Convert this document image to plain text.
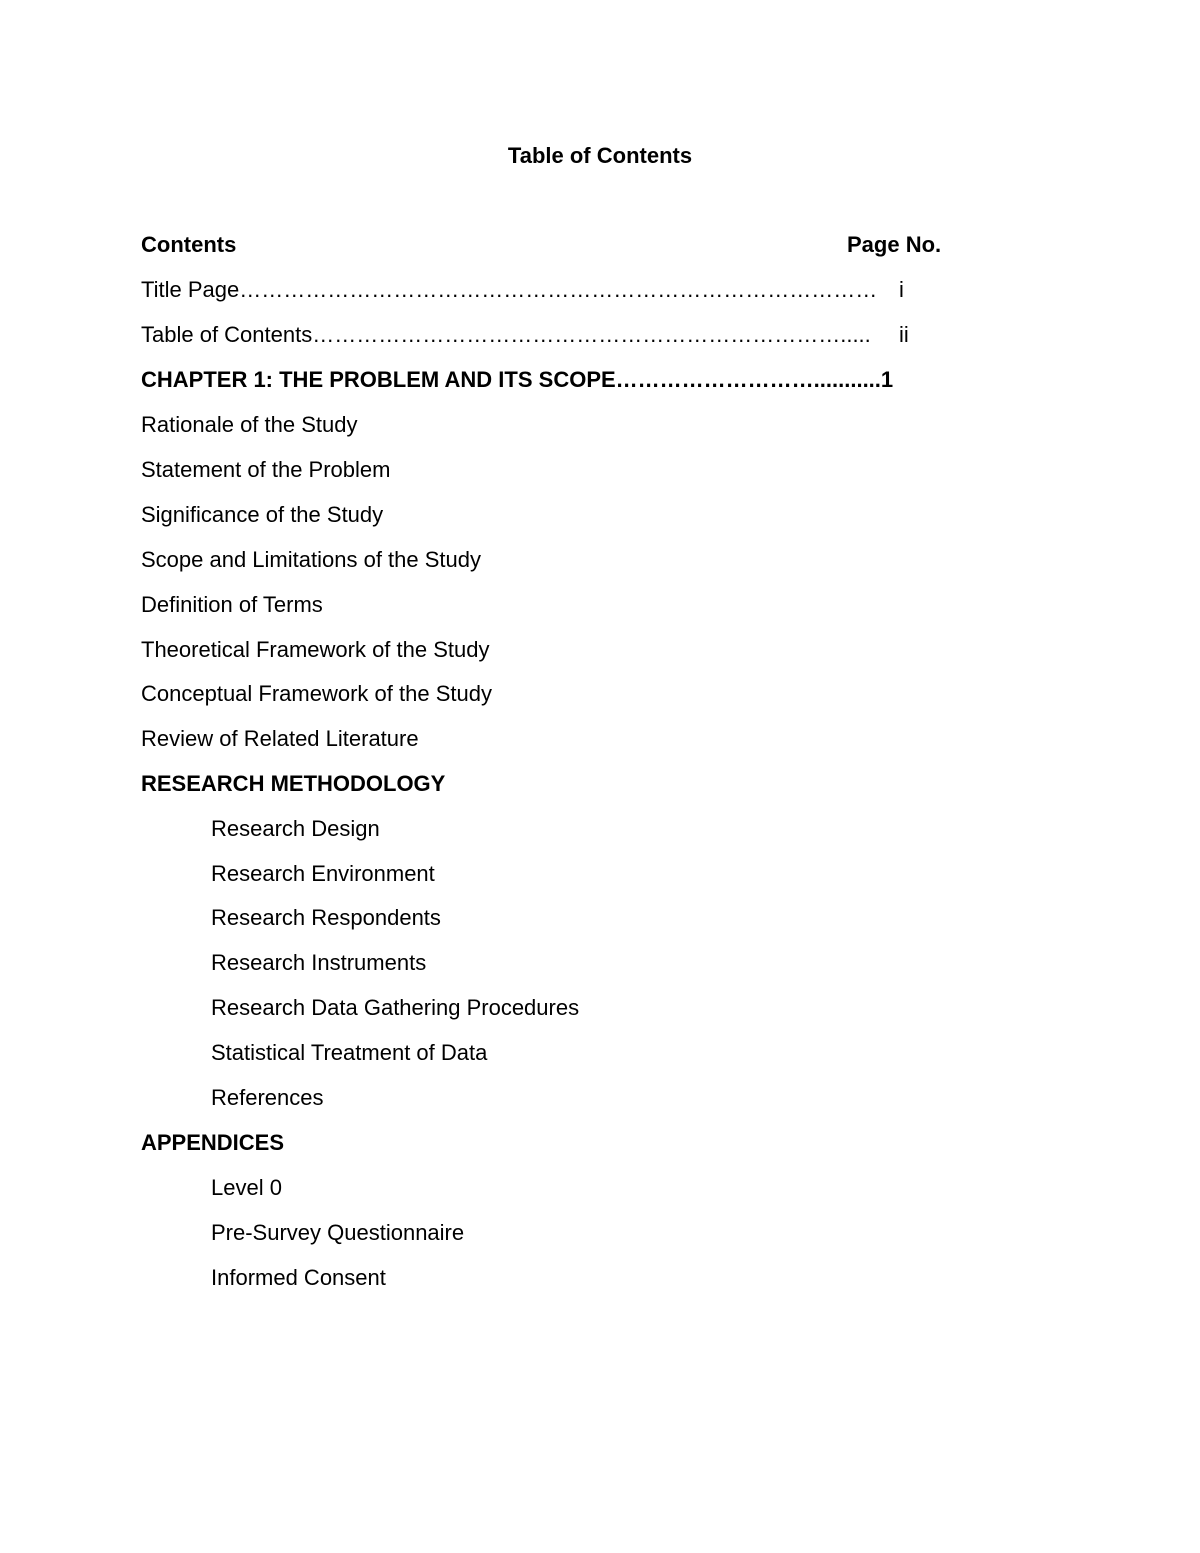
Table of Contents
Contents	Page No.
Title Page…………………………………………………………………………… i
Table of Contents………………………………………………………………..... ii
CHAPTER 1: THE PROBLEM AND ITS SCOPE………………………...........1
Rationale of the Study
Statement of the Problem
Significance of the Study
Scope and Limitations of the Study
Definition of Terms
Theoretical Framework of the Study
Conceptual Framework of the Study
Review of Related Literature
RESEARCH METHODOLOGY
Research Design
Research Environment
Research Respondents
Research Instruments
Research Data Gathering Procedures
Statistical Treatment of Data
References
APPENDICES
Level 0
Pre-Survey Questionnaire
Informed Consent
